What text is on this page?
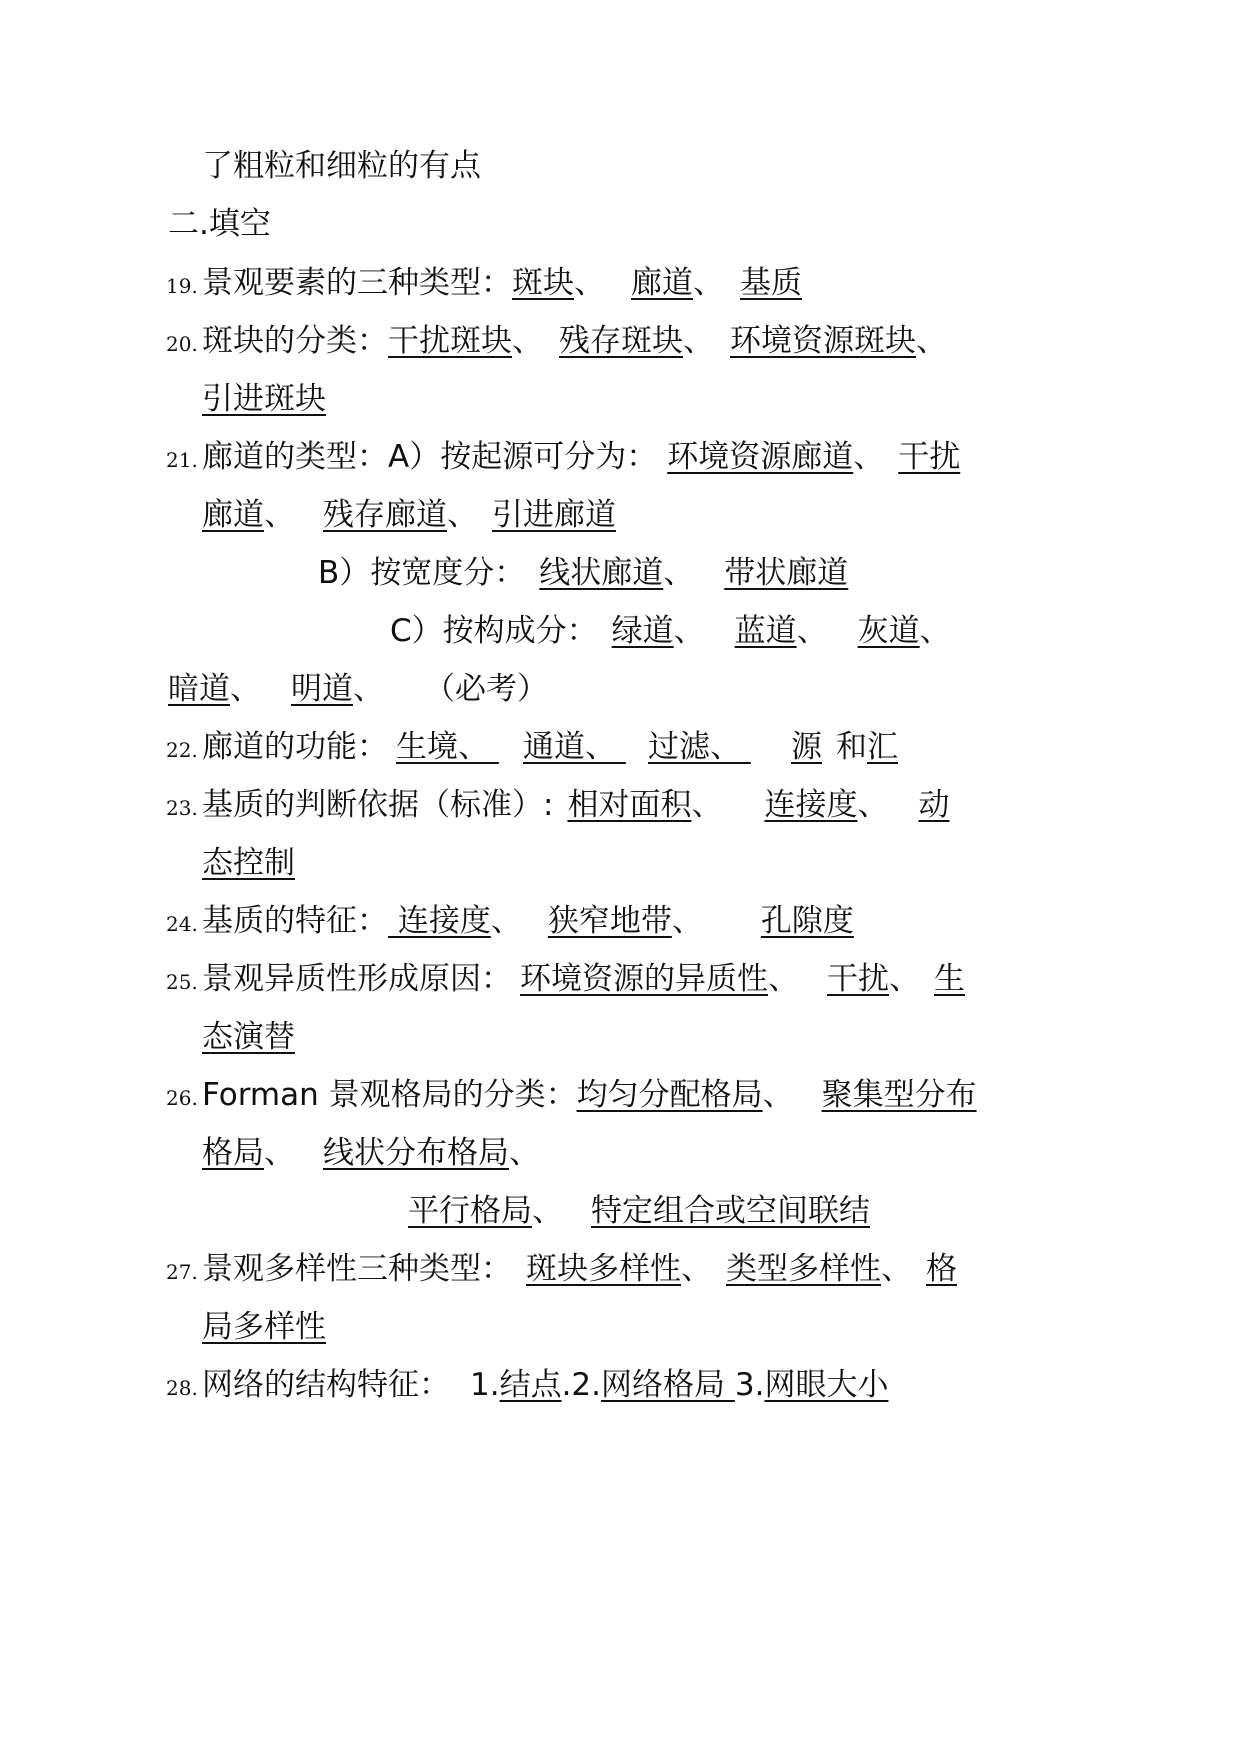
了粗粒和细粒的有点
二.填空
19. 景观要素的三种类型：斑块、 廊道、 基质
20. 斑块的分类：干扰斑块、 残存斑块、 环境资源斑块、
引进斑块
21. 廊道的类型：A）按起源可分为： 环境资源廊道、 干扰
廊道、 残存廊道、 引进廊道
B）按宽度分： 线状廊道、 带状廊道
C）按构成分： 绿道、 蓝道、 灰道、
暗道、 明道、 （必考）
22. 廊道的功能： 生境、 通道、 过滤、 源 和汇
23. 基质的判断依据（标准）: 相对面积、 连接度、 动
态控制
24. 基质的特征： 连接度、 狭窄地带、 孔隙度
25. 景观异质性形成原因： 环境资源的异质性、 干扰、 生
态演替
26. Forman 景观格局的分类：均匀分配格局、 聚集型分布
格局、 线状分布格局、
平行格局、 特定组合或空间联结
27. 景观多样性三种类型： 斑块多样性、 类型多样性、 格
局多样性
28. 网络的结构特征： 1.结点.2.网络格局 3.网眼大小
